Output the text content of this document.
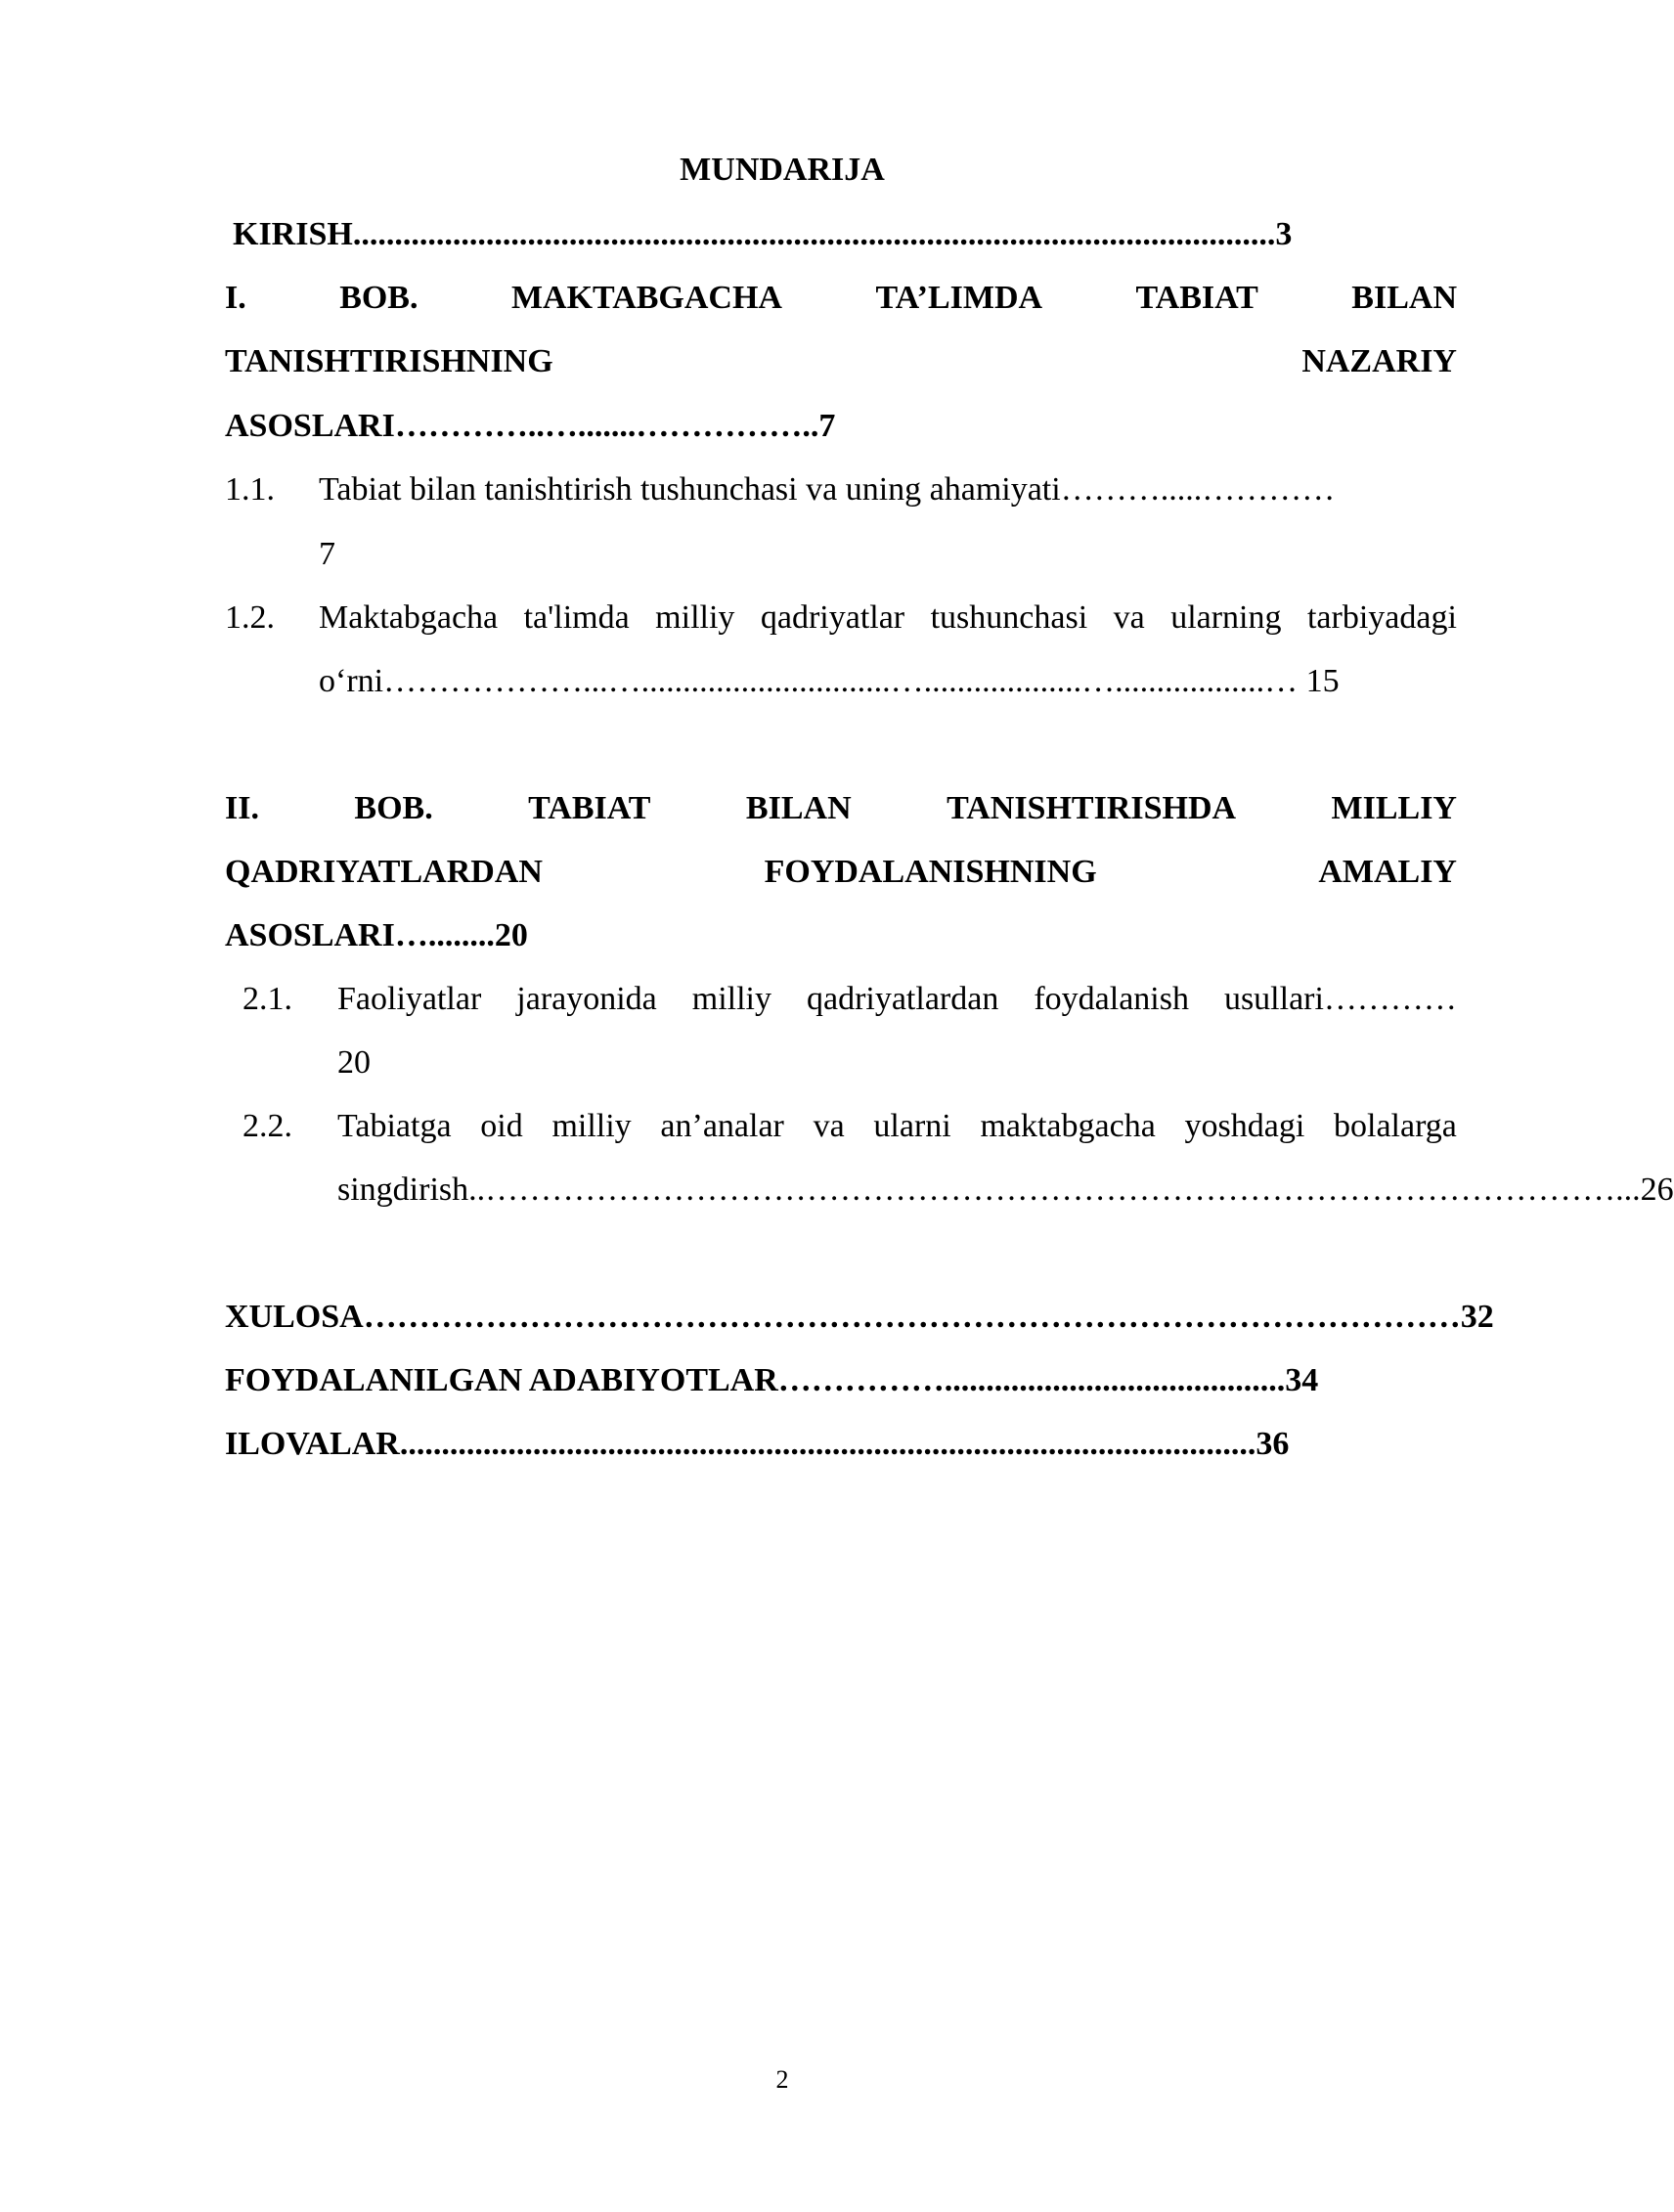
MUNDARIJA
KIRISH...............................................................................................................3
I.	BOB.	MAKTABGACHA	TA’LIMDA	TABIAT	BILAN
TANISHTIRISHNING	NAZARIY
ASOSLARI…………..….......……………..7
1.1.	Tabiat bilan tanishtirish tushunchasi va uning ahamiyati……….....…………
7
1.2.	Maktabgacha ta'limda milliy qadriyatlar tushunchasi va ularning tarbiyadagi
o‘rni………………...…..............................…...................…..................… 15
II.	BOB.	TABIAT	BILAN	TANISHTIRISHDA	MILLIY
QADRIYATLARDAN	FOYDALANISHNING	AMALIY
ASOSLARI…........20
2.1.	Faoliyatlar jarayonida milliy qadriyatlardan foydalanish usullari…………
20
2.2.	Tabiatga oid milliy an’analar va ularni maktabgacha yoshdagi bolalarga
singdirish..…………………………………………………………………………………………...26
XULOSA………………………………………………………………………………………32
FOYDALANILGAN ADABIYOTLAR…………….........................................34
ILOVALAR.......................................................................................................36
2
